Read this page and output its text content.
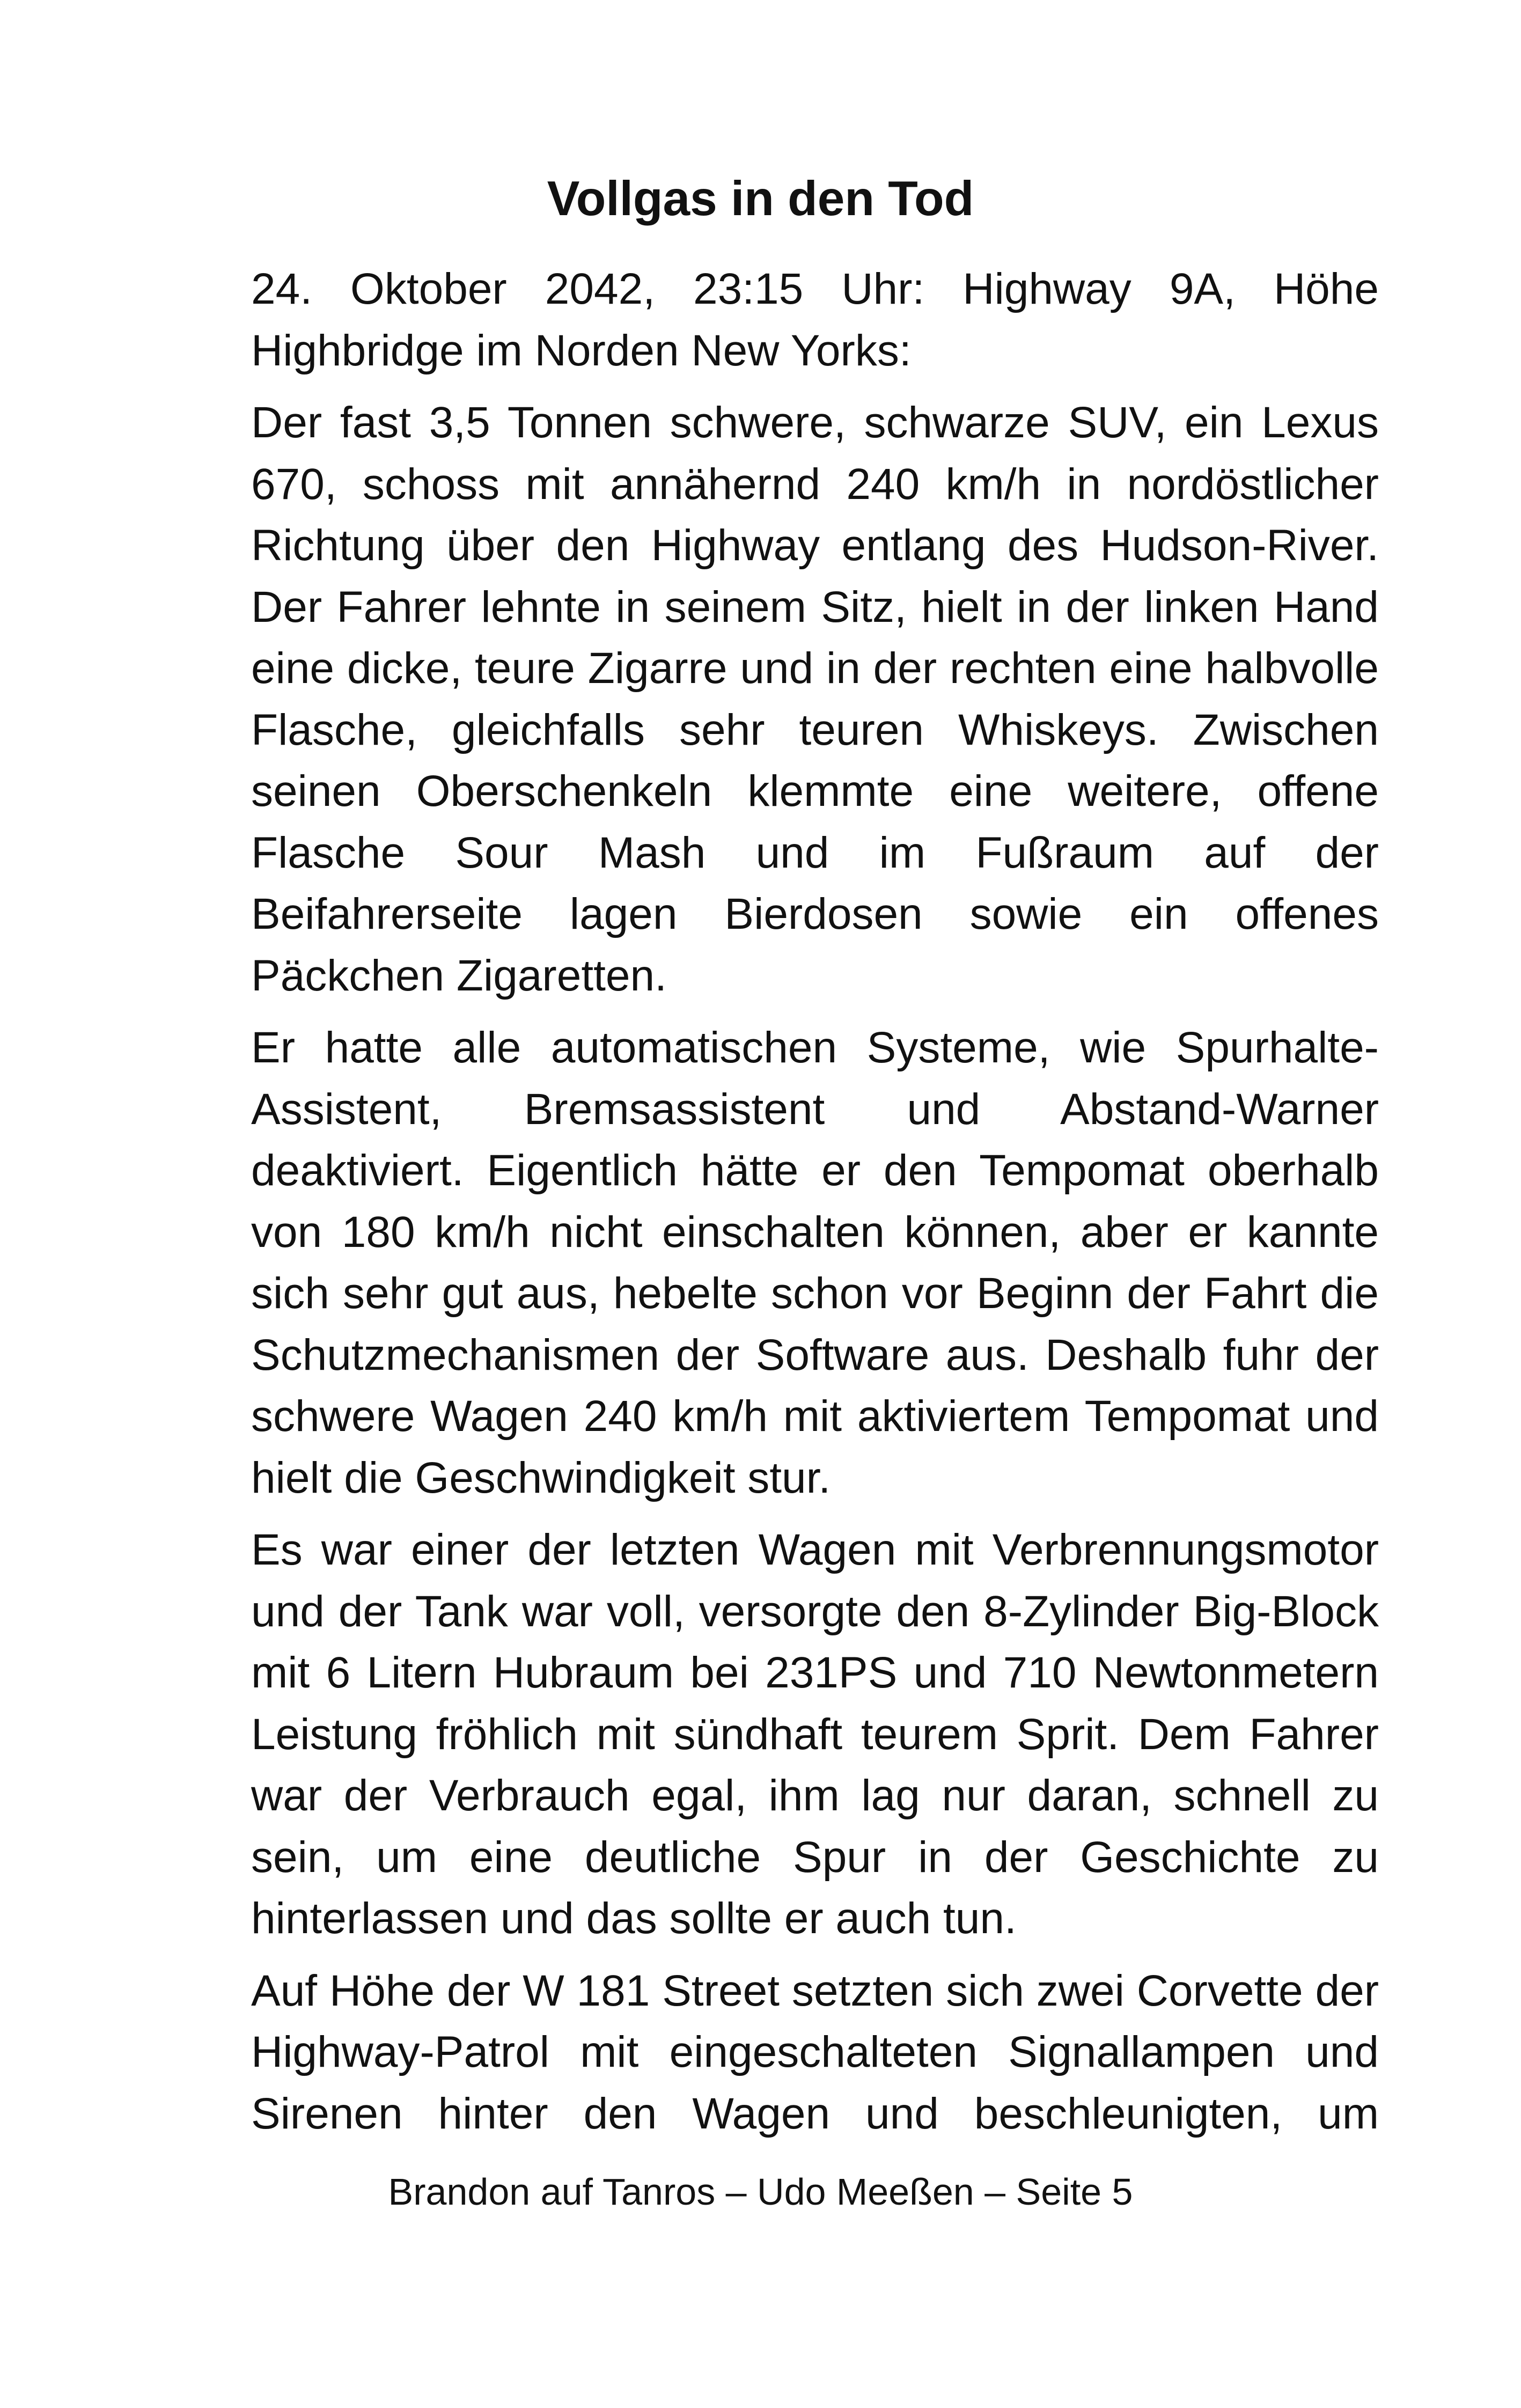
Vollgas in den Tod

24. Oktober 2042, 23:15 Uhr: Highway 9A, Höhe Highbridge im Norden New Yorks:

Der fast 3,5 Tonnen schwere, schwarze SUV, ein Lexus 670, schoss mit annähernd 240 km/h in nordöstlicher Richtung über den Highway entlang des Hudson-River. Der Fahrer lehnte in seinem Sitz, hielt in der linken Hand eine dicke, teure Zigarre und in der rechten eine halbvolle Flasche, gleichfalls sehr teuren Whiskeys. Zwischen seinen Oberschenkeln klemmte eine weitere, offene Flasche Sour Mash und im Fußraum auf der Beifahrerseite lagen Bierdosen sowie ein offenes Päckchen Zigaretten.

Er hatte alle automatischen Systeme, wie Spurhalte-Assistent, Bremsassistent und Abstand-Warner deaktiviert. Eigentlich hätte er den Tempomat oberhalb von 180 km/h nicht einschalten können, aber er kannte sich sehr gut aus, hebelte schon vor Beginn der Fahrt die Schutzmechanismen der Software aus. Deshalb fuhr der schwere Wagen 240 km/h mit aktiviertem Tempomat und hielt die Geschwindigkeit stur.

Es war einer der letzten Wagen mit Verbrennungsmotor und der Tank war voll, versorgte den 8-Zylinder Big-Block mit 6 Litern Hubraum bei 231PS und 710 Newtonmetern Leistung fröhlich mit sündhaft teurem Sprit. Dem Fahrer war der Verbrauch egal, ihm lag nur daran, schnell zu sein, um eine deutliche Spur in der Geschichte zu hinterlassen und das sollte er auch tun.

Auf Höhe der W 181 Street setzten sich zwei Corvette der Highway-Patrol mit eingeschalteten Signallampen und Sirenen hinter den Wagen und beschleunigten, um

Brandon auf Tanros – Udo Meeßen – Seite 5
